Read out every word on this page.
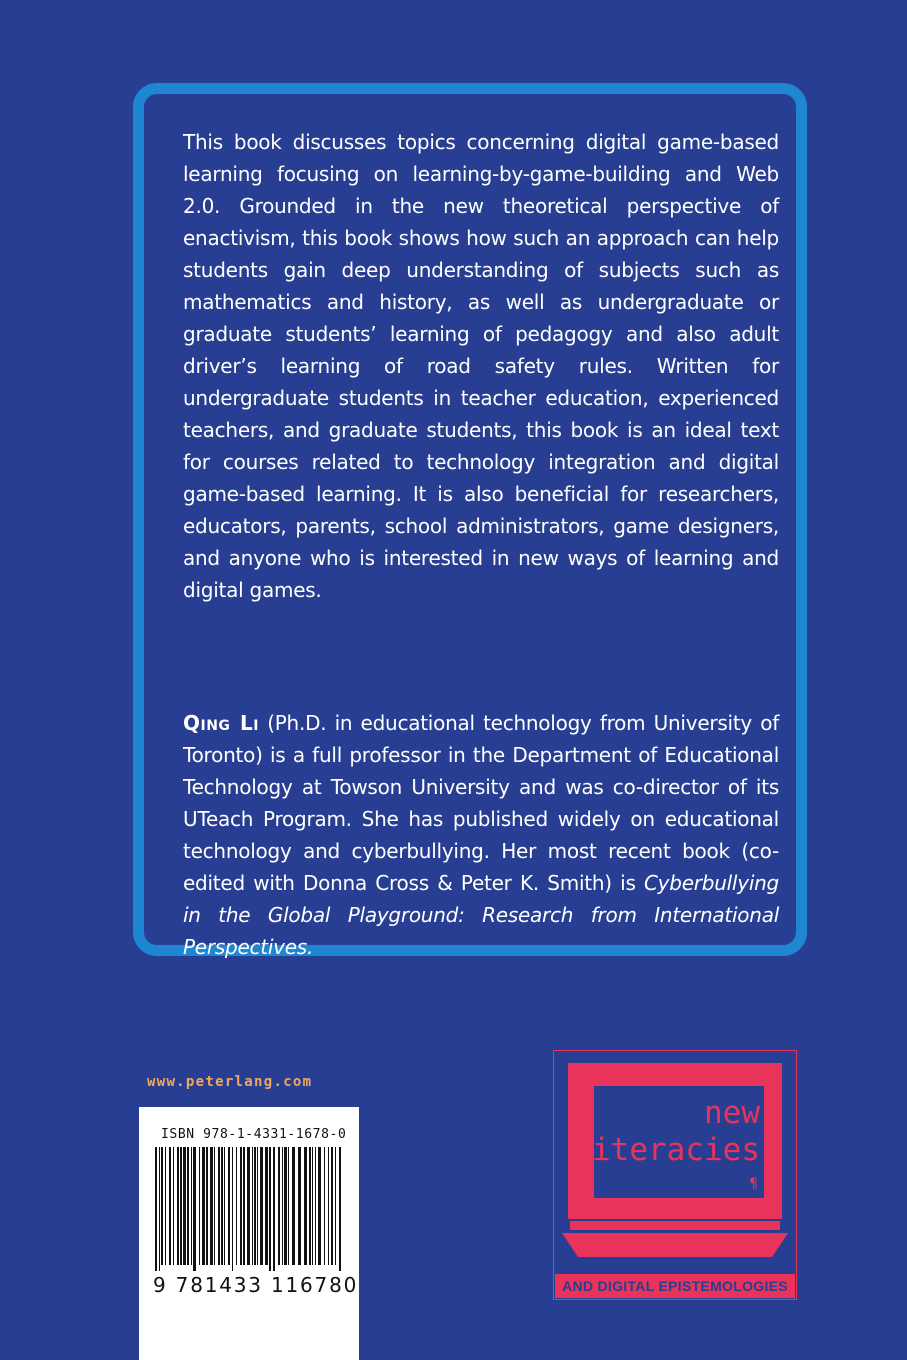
This book discusses topics concerning digital game-based learning focusing on learning-by-game-building and Web 2.0. Grounded in the new theoretical perspective of enactivism, this book shows how such an approach can help students gain deep understanding of subjects such as mathematics and history, as well as undergraduate or graduate students’ learning of pedagogy and also adult driver’s learning of road safety rules. Written for undergraduate students in teacher education, experienced teachers, and graduate students, this book is an ideal text for courses related to technology integration and digital game-based learning. It is also beneficial for researchers, educators, parents, school administrators, game designers, and anyone who is interested in new ways of learning and digital games.

Qing Li (Ph.D. in educational technology from University of Toronto) is a full professor in the Department of Educational Technology at Towson University and was co-director of its UTeach Program. She has published widely on educational technology and cyberbullying. Her most recent book (co-edited with Donna Cross & Peter K. Smith) is Cyberbullying in the Global Playground: Research from International Perspectives.

www.peterlang.com
ISBN 978-1-4331-1678-0
9 781433 116780
new
literacies
¶
AND DIGITAL EPISTEMOLOGIES
